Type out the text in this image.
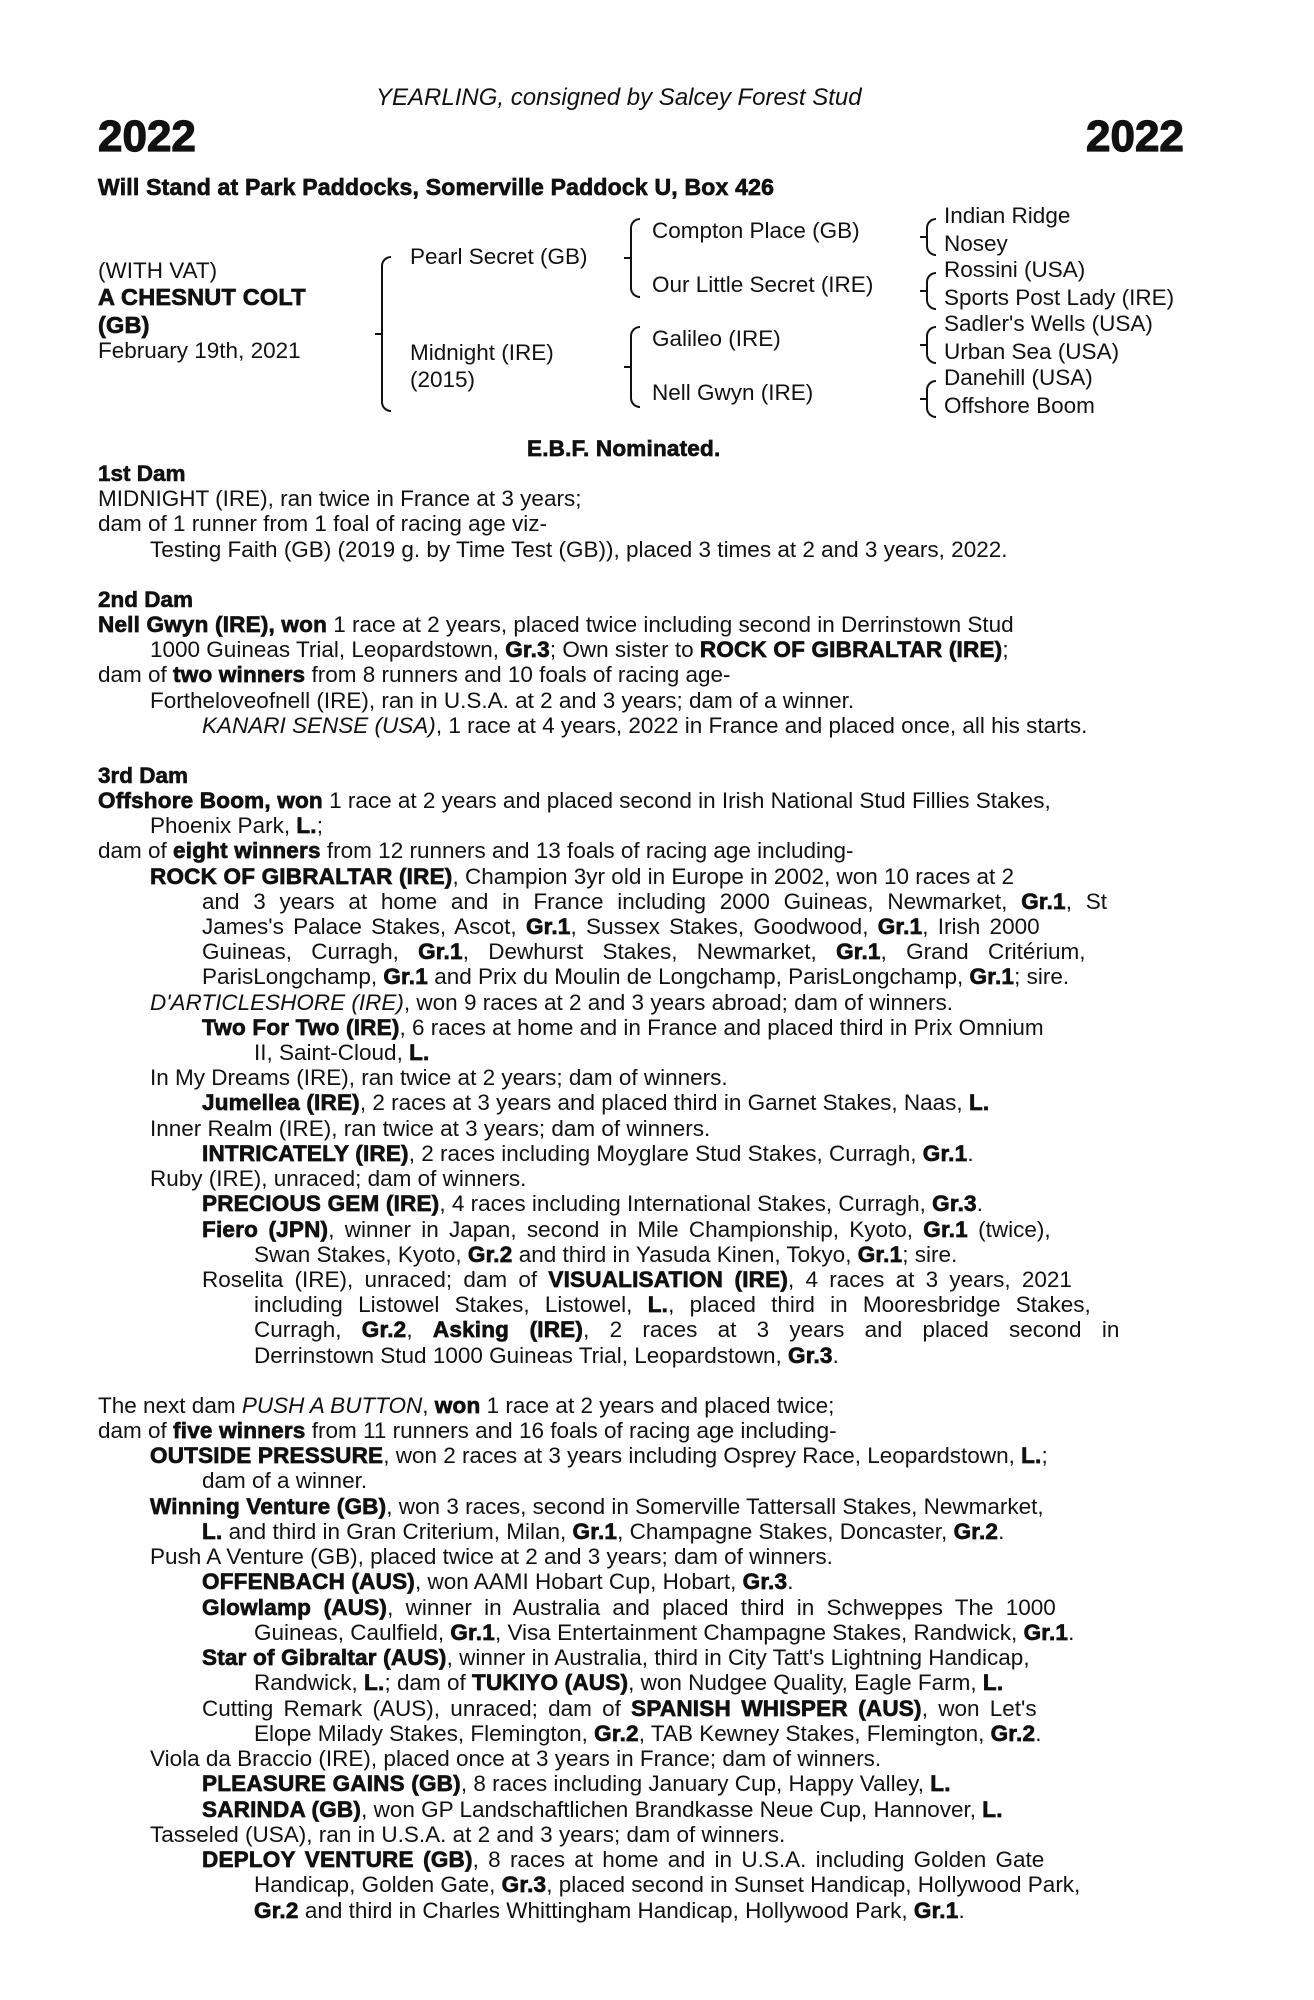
YEARLING, consigned by Salcey Forest Stud
2022	2022
Will Stand at Park Paddocks, Somerville Paddock U, Box 426
(WITH VAT)
A CHESNUT COLT
(GB)
February 19th, 2021
Pearl Secret (GB)
Midnight (IRE)
(2015)
Compton Place (GB)
Our Little Secret (IRE)
Galileo (IRE)
Nell Gwyn (IRE)
Indian Ridge
Nosey
Rossini (USA)
Sports Post Lady (IRE)
Sadler's Wells (USA)
Urban Sea (USA)
Danehill (USA)
Offshore Boom
E.B.F. Nominated.
1st Dam
MIDNIGHT (IRE), ran twice in France at 3 years;
dam of 1 runner from 1 foal of racing age viz-
Testing Faith (GB) (2019 g. by Time Test (GB)), placed 3 times at 2 and 3 years, 2022.
2nd Dam
Nell Gwyn (IRE), won 1 race at 2 years, placed twice including second in Derrinstown Stud
1000 Guineas Trial, Leopardstown, Gr.3; Own sister to ROCK OF GIBRALTAR (IRE);
dam of two winners from 8 runners and 10 foals of racing age-
Fortheloveofnell (IRE), ran in U.S.A. at 2 and 3 years; dam of a winner.
KANARI SENSE (USA), 1 race at 4 years, 2022 in France and placed once, all his starts.
3rd Dam
Offshore Boom, won 1 race at 2 years and placed second in Irish National Stud Fillies Stakes,
Phoenix Park, L.;
dam of eight winners from 12 runners and 13 foals of racing age including-
ROCK OF GIBRALTAR (IRE), Champion 3yr old in Europe in 2002, won 10 races at 2
and 3 years at home and in France including 2000 Guineas, Newmarket, Gr.1, St
James's Palace Stakes, Ascot, Gr.1, Sussex Stakes, Goodwood, Gr.1, Irish 2000
Guineas, Curragh, Gr.1, Dewhurst Stakes, Newmarket, Gr.1, Grand Critérium,
ParisLongchamp, Gr.1 and Prix du Moulin de Longchamp, ParisLongchamp, Gr.1; sire.
D'ARTICLESHORE (IRE), won 9 races at 2 and 3 years abroad; dam of winners.
Two For Two (IRE), 6 races at home and in France and placed third in Prix Omnium
II, Saint-Cloud, L.
In My Dreams (IRE), ran twice at 2 years; dam of winners.
Jumellea (IRE), 2 races at 3 years and placed third in Garnet Stakes, Naas, L.
Inner Realm (IRE), ran twice at 3 years; dam of winners.
INTRICATELY (IRE), 2 races including Moyglare Stud Stakes, Curragh, Gr.1.
Ruby (IRE), unraced; dam of winners.
PRECIOUS GEM (IRE), 4 races including International Stakes, Curragh, Gr.3.
Fiero (JPN), winner in Japan, second in Mile Championship, Kyoto, Gr.1 (twice),
Swan Stakes, Kyoto, Gr.2 and third in Yasuda Kinen, Tokyo, Gr.1; sire.
Roselita (IRE), unraced; dam of VISUALISATION (IRE), 4 races at 3 years, 2021
including Listowel Stakes, Listowel, L., placed third in Mooresbridge Stakes,
Curragh, Gr.2, Asking (IRE), 2 races at 3 years and placed second in
Derrinstown Stud 1000 Guineas Trial, Leopardstown, Gr.3.
The next dam PUSH A BUTTON, won 1 race at 2 years and placed twice;
dam of five winners from 11 runners and 16 foals of racing age including-
OUTSIDE PRESSURE, won 2 races at 3 years including Osprey Race, Leopardstown, L.;
dam of a winner.
Winning Venture (GB), won 3 races, second in Somerville Tattersall Stakes, Newmarket,
L. and third in Gran Criterium, Milan, Gr.1, Champagne Stakes, Doncaster, Gr.2.
Push A Venture (GB), placed twice at 2 and 3 years; dam of winners.
OFFENBACH (AUS), won AAMI Hobart Cup, Hobart, Gr.3.
Glowlamp (AUS), winner in Australia and placed third in Schweppes The 1000
Guineas, Caulfield, Gr.1, Visa Entertainment Champagne Stakes, Randwick, Gr.1.
Star of Gibraltar (AUS), winner in Australia, third in City Tatt's Lightning Handicap,
Randwick, L.; dam of TUKIYO (AUS), won Nudgee Quality, Eagle Farm, L.
Cutting Remark (AUS), unraced; dam of SPANISH WHISPER (AUS), won Let's
Elope Milady Stakes, Flemington, Gr.2, TAB Kewney Stakes, Flemington, Gr.2.
Viola da Braccio (IRE), placed once at 3 years in France; dam of winners.
PLEASURE GAINS (GB), 8 races including January Cup, Happy Valley, L.
SARINDA (GB), won GP Landschaftlichen Brandkasse Neue Cup, Hannover, L.
Tasseled (USA), ran in U.S.A. at 2 and 3 years; dam of winners.
DEPLOY VENTURE (GB), 8 races at home and in U.S.A. including Golden Gate
Handicap, Golden Gate, Gr.3, placed second in Sunset Handicap, Hollywood Park,
Gr.2 and third in Charles Whittingham Handicap, Hollywood Park, Gr.1.
